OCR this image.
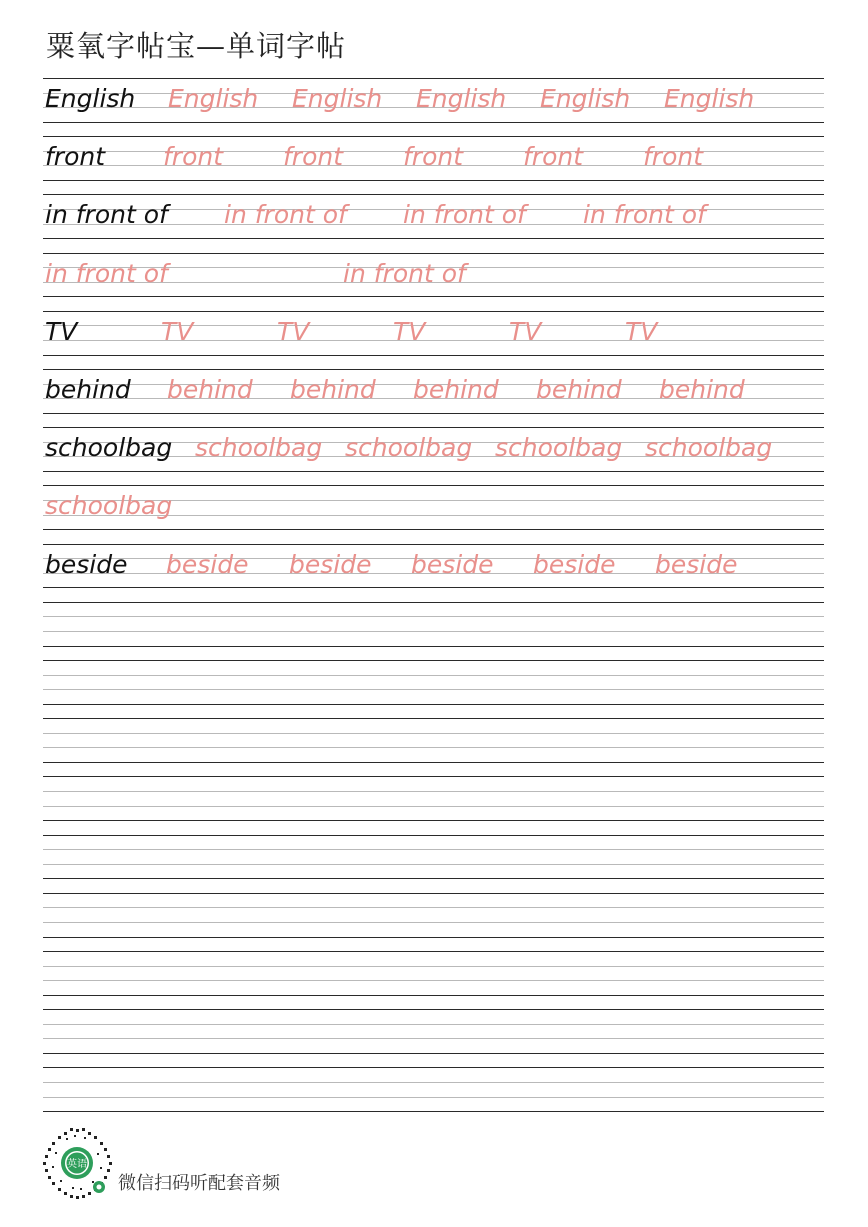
粟氧字帖宝—单词字帖
English English English English English English
front front front front front front
in front of in front of in front of in front of
in front of	in front of
TV	TV	TV	TV	TV	TV
behind behind behind behind behind behind
schoolbag schoolbag schoolbag schoolbag schoolbag
schoolbag
beside beside beside beside beside beside
英语
微信扫码听配套音频
